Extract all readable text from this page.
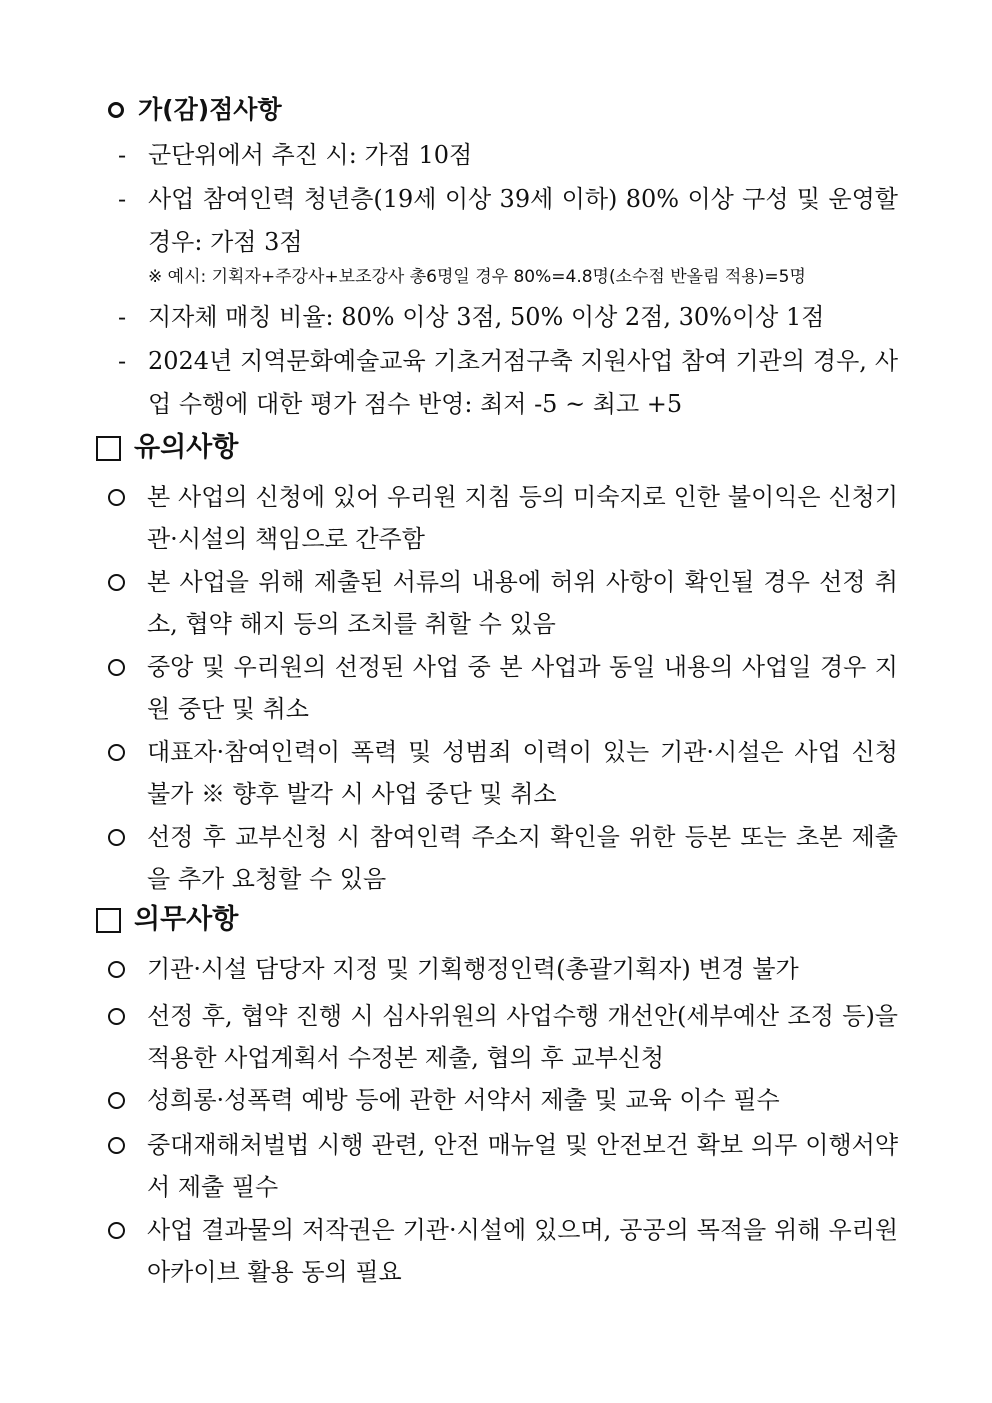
가(감)점사항
- 군단위에서 추진 시: 가점 10점
- 사업 참여인력 청년층(19세 이상 39세 이하) 80% 이상 구성 및 운영할 경우: 가점 3점
※ 예시: 기획자+주강사+보조강사 총6명일 경우 80%=4.8명(소수점 반올림 적용)=5명
- 지자체 매칭 비율: 80% 이상 3점, 50% 이상 2점, 30%이상 1점
- 2024년 지역문화예술교육 기초거점구축 지원사업 참여 기관의 경우, 사업 수행에 대한 평가 점수 반영: 최저 -5 ~ 최고 +5
유의사항
본 사업의 신청에 있어 우리원 지침 등의 미숙지로 인한 불이익은 신청기관·시설의 책임으로 간주함
본 사업을 위해 제출된 서류의 내용에 허위 사항이 확인될 경우 선정 취소, 협약 해지 등의 조치를 취할 수 있음
중앙 및 우리원의 선정된 사업 중 본 사업과 동일 내용의 사업일 경우 지원 중단 및 취소
대표자·참여인력이 폭력 및 성범죄 이력이 있는 기관·시설은 사업 신청 불가 ※ 향후 발각 시 사업 중단 및 취소
선정 후 교부신청 시 참여인력 주소지 확인을 위한 등본 또는 초본 제출을 추가 요청할 수 있음
의무사항
기관·시설 담당자 지정 및 기획행정인력(총괄기획자) 변경 불가
선정 후, 협약 진행 시 심사위원의 사업수행 개선안(세부예산 조정 등)을 적용한 사업계획서 수정본 제출, 협의 후 교부신청
성희롱·성폭력 예방 등에 관한 서약서 제출 및 교육 이수 필수
중대재해처벌법 시행 관련, 안전 매뉴얼 및 안전보건 확보 의무 이행서약서 제출 필수
사업 결과물의 저작권은 기관·시설에 있으며, 공공의 목적을 위해 우리원 아카이브 활용 동의 필요
